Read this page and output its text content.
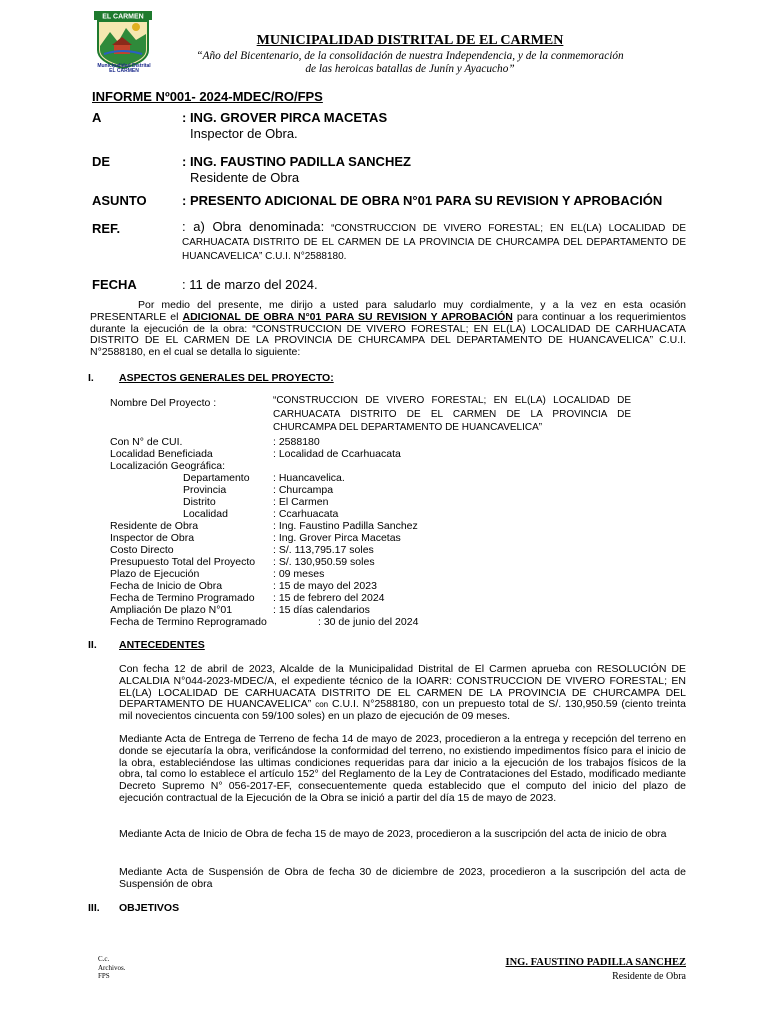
EL CARMEN
Municipalidad Distrital
EL CARMEN
MUNICIPALIDAD DISTRITAL DE EL CARMEN
“Año del Bicentenario, de la consolidación de nuestra Independencia, y de la conmemoración
de las heroicas batallas de Junín y Ayacucho”
INFORME Nº001- 2024-MDEC/RO/FPS
A	: ING. GROVER PIRCA MACETAS
Inspector de Obra.
DE	: ING. FAUSTINO PADILLA SANCHEZ
Residente de Obra
ASUNTO	: PRESENTO ADICIONAL DE OBRA N°01 PARA SU REVISION Y APROBACIÓN
REF.	: a) Obra denominada: “CONSTRUCCION DE VIVERO FORESTAL; EN EL(LA) LOCALIDAD DE CARHUACATA DISTRITO DE EL CARMEN DE LA PROVINCIA DE CHURCAMPA DEL DEPARTAMENTO DE HUANCAVELICA” C.U.I. N°2588180.
FECHA	: 11 de marzo del 2024.
Por medio del presente, me dirijo a usted para saludarlo muy cordialmente, y a la vez en esta ocasión PRESENTARLE el ADICIONAL DE OBRA N°01 PARA SU REVISION Y APROBACIÓN para continuar a los requerimientos durante la ejecución de la obra: “CONSTRUCCION DE VIVERO FORESTAL; EN EL(LA) LOCALIDAD DE CARHUACATA DISTRITO DE EL CARMEN DE LA PROVINCIA DE CHURCAMPA DEL DEPARTAMENTO DE HUANCAVELICA” C.U.I. N°2588180, en el cual se detalla lo siguiente:
I. ASPECTOS GENERALES DEL PROYECTO:
Nombre Del Proyecto :	“CONSTRUCCION DE VIVERO FORESTAL; EN EL(LA) LOCALIDAD DE CARHUACATA DISTRITO DE EL CARMEN DE LA PROVINCIA DE CHURCAMPA DEL DEPARTAMENTO DE HUANCAVELICA”
Con N° de CUI.	: 2588180
Localidad Beneficiada	: Localidad de Ccarhuacata
Localización Geográfica:
Departamento : Huancavelica.
Provincia	: Churcampa
Distrito	: El Carmen
Localidad	: Ccarhuacata
Residente de Obra	: Ing. Faustino Padilla Sanchez
Inspector de Obra	: Ing. Grover Pirca Macetas
Costo Directo	: S/. 113,795.17 soles
Presupuesto Total del Proyecto : S/. 130,950.59 soles
Plazo de Ejecución	: 09 meses
Fecha de Inicio de Obra	: 15 de mayo del 2023
Fecha de Termino Programado : 15 de febrero del 2024
Ampliación De plazo N°01	: 15 días calendarios
Fecha de Termino Reprogramado	: 30 de junio del 2024
II. ANTECEDENTES
Con fecha 12 de abril de 2023, Alcalde de la Municipalidad Distrital de El Carmen aprueba con RESOLUCIÓN DE ALCALDIA N°044-2023-MDEC/A, el expediente técnico de la IOARR: CONSTRUCCION DE VIVERO FORESTAL; EN EL(LA) LOCALIDAD DE CARHUACATA DISTRITO DE EL CARMEN DE LA PROVINCIA DE CHURCAMPA DEL DEPARTAMENTO DE HUANCAVELICA” con C.U.I. N°2588180, con un prepuesto total de S/. 130,950.59 (ciento treinta mil novecientos cincuenta con 59/100 soles) en un plazo de ejecución de 09 meses.
Mediante Acta de Entrega de Terreno de fecha 14 de mayo de 2023, procedieron a la entrega y recepción del terreno en donde se ejecutaría la obra, verificándose la conformidad del terreno, no existiendo impedimentos físico para el inicio de la obra, estableciéndose las ultimas condiciones requeridas para dar inicio a la ejecución de los trabajos físicos de la obra, tal como lo establece el artículo 152° del Reglamento de la Ley de Contrataciones del Estado, modificado mediante Decreto Supremo N° 056-2017-EF, consecuentemente queda establecido que el computo del inicio del plazo de ejecución contractual de la Ejecución de la Obra se inició a partir del día 15 de mayo de 2023.
Mediante Acta de Inicio de Obra de fecha 15 de mayo de 2023, procedieron a la suscripción del acta de inicio de obra
Mediante Acta de Suspensión de Obra de fecha 30 de diciembre de 2023, procedieron a la suscripción del acta de Suspensión de obra
III. OBJETIVOS
C.c.
Archivos.
FPS
ING. FAUSTINO PADILLA SANCHEZ
Residente de Obra
